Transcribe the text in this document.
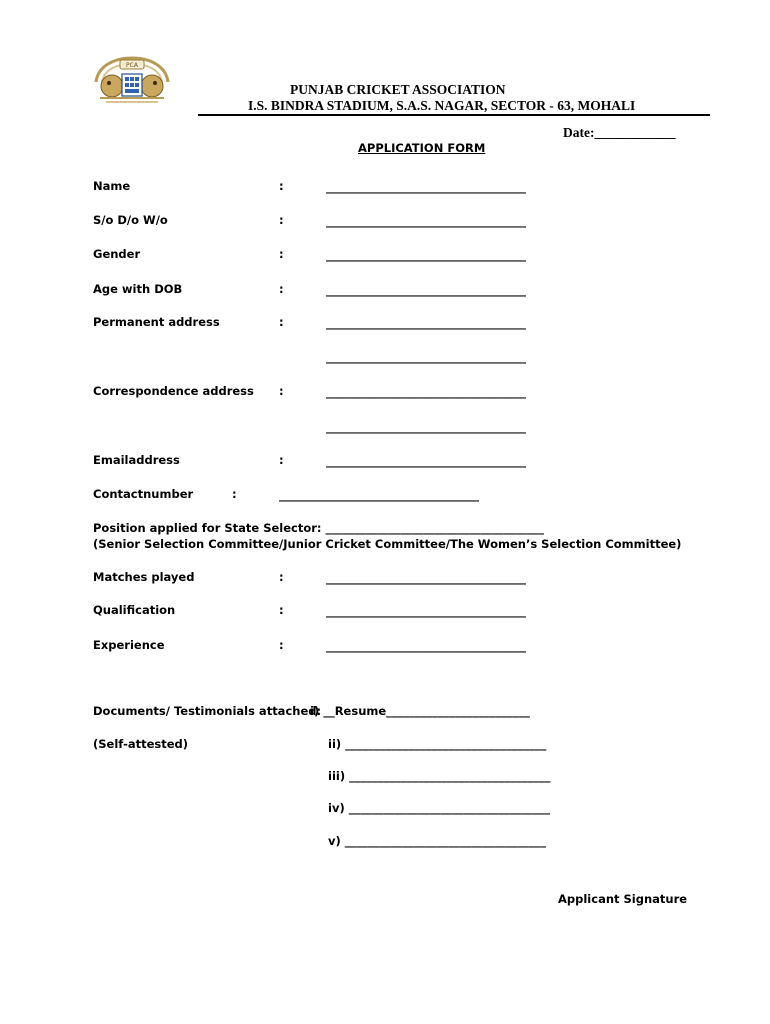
PCA
PUNJAB CRICKET ASSOCIATION
I.S. BINDRA STADIUM, S.A.S. NAGAR, SECTOR - 63, MOHALI
Date:____________
APPLICATION FORM
Name	:	______________________________________
S/o D/o W/o	:	______________________________________
Gender	:	______________________________________
Age with DOB	:	______________________________________
Permanent address	:	______________________________________
______________________________________
Correspondence address :	______________________________________
______________________________________
Emailaddress	:	______________________________________
Contactnumber	:	______________________________________
Position applied for State Selector: ______________________________________
(Senior Selection Committee/Junior Cricket Committee/The Women’s Selection Committee)
Matches played	:	______________________________________
Qualification	:	______________________________________
Experience	:	______________________________________
Documents/ Testimonials attached:
i) __Resume_________________________
(Self-attested)	ii) ___________________________________
iii) ___________________________________
iv) ___________________________________
v) ___________________________________
Applicant Signature
